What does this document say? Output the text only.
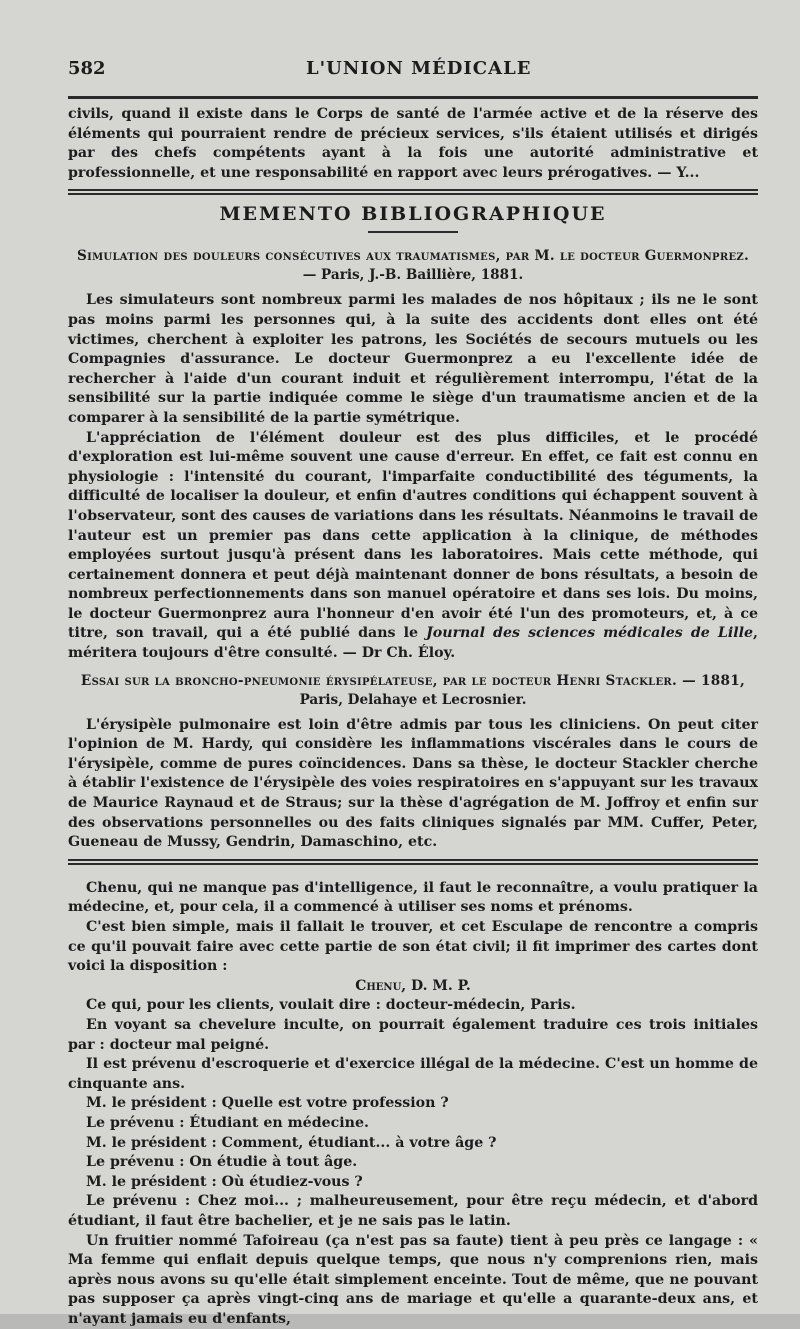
582	L'UNION MÉDICALE

civils, quand il existe dans le Corps de santé de l'armée active et de la réserve des éléments qui pourraient rendre de précieux services, s'ils étaient utilisés et dirigés par des chefs compétents ayant à la fois une autorité administrative et professionnelle, et une responsabilité en rapport avec leurs prérogatives. — Y...

MEMENTO BIBLIOGRAPHIQUE
Simulation des douleurs consécutives aux traumatismes, par M. le docteur Guermonprez.
— Paris, J.-B. Baillière, 1881.

Les simulateurs sont nombreux parmi les malades de nos hôpitaux ; ils ne le sont pas moins parmi les personnes qui, à la suite des accidents dont elles ont été victimes, cherchent à exploiter les patrons, les Sociétés de secours mutuels ou les Compagnies d'assurance. Le docteur Guermonprez a eu l'excellente idée de rechercher à l'aide d'un courant induit et régulièrement interrompu, l'état de la sensibilité sur la partie indiquée comme le siège d'un traumatisme ancien et de la comparer à la sensibilité de la partie symétrique.

L'appréciation de l'élément douleur est des plus difficiles, et le procédé d'exploration est lui-même souvent une cause d'erreur. En effet, ce fait est connu en physiologie : l'intensité du courant, l'imparfaite conductibilité des téguments, la difficulté de localiser la douleur, et enfin d'autres conditions qui échappent souvent à l'observateur, sont des causes de variations dans les résultats. Néanmoins le travail de l'auteur est un premier pas dans cette application à la clinique, de méthodes employées surtout jusqu'à présent dans les laboratoires. Mais cette méthode, qui certainement donnera et peut déjà maintenant donner de bons résultats, a besoin de nombreux perfectionnements dans son manuel opératoire et dans ses lois. Du moins, le docteur Guermonprez aura l'honneur d'en avoir été l'un des promoteurs, et, à ce titre, son travail, qui a été publié dans le Journal des sciences médicales de Lille, méritera toujours d'être consulté. — Dr Ch. Éloy.

Essai sur la broncho-pneumonie érysipélateuse, par le docteur Henri Stackler. — 1881,
Paris, Delahaye et Lecrosnier.

L'érysipèle pulmonaire est loin d'être admis par tous les cliniciens. On peut citer l'opinion de M. Hardy, qui considère les inflammations viscérales dans le cours de l'érysipèle, comme de pures coïncidences. Dans sa thèse, le docteur Stackler cherche à établir l'existence de l'érysipèle des voies respiratoires en s'appuyant sur les travaux de Maurice Raynaud et de Straus; sur la thèse d'agrégation de M. Joffroy et enfin sur des observations personnelles ou des faits cliniques signalés par MM. Cuffer, Peter, Gueneau de Mussy, Gendrin, Damaschino, etc.

Chenu, qui ne manque pas d'intelligence, il faut le reconnaître, a voulu pratiquer la médecine, et, pour cela, il a commencé à utiliser ses noms et prénoms.

C'est bien simple, mais il fallait le trouver, et cet Esculape de rencontre a compris ce qu'il pouvait faire avec cette partie de son état civil; il fit imprimer des cartes dont voici la disposition :

Chenu, D. M. P.

Ce qui, pour les clients, voulait dire : docteur-médecin, Paris.

En voyant sa chevelure inculte, on pourrait également traduire ces trois initiales par : docteur mal peigné.

Il est prévenu d'escroquerie et d'exercice illégal de la médecine. C'est un homme de cinquante ans.

M. le président : Quelle est votre profession ?

Le prévenu : Étudiant en médecine.

M. le président : Comment, étudiant... à votre âge ?

Le prévenu : On étudie à tout âge.

M. le président : Où étudiez-vous ?

Le prévenu : Chez moi... ; malheureusement, pour être reçu médecin, et d'abord étudiant, il faut être bachelier, et je ne sais pas le latin.

Un fruitier nommé Tafoireau (ça n'est pas sa faute) tient à peu près ce langage : « Ma femme qui enflait depuis quelque temps, que nous n'y comprenions rien, mais après nous avons su qu'elle était simplement enceinte. Tout de même, que ne pouvant pas supposer ça après vingt-cinq ans de mariage et qu'elle a quarante-deux ans, et n'ayant jamais eu d'enfants,
